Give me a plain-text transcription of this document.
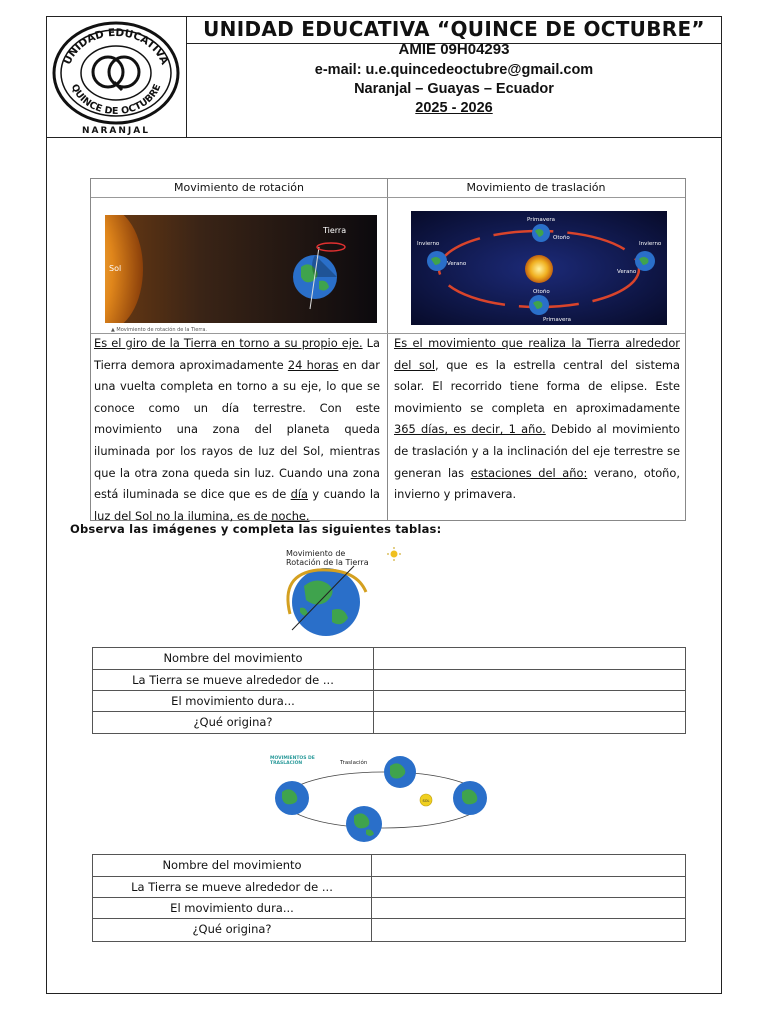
UNIDAD EDUCATIVA
QUINCE DE OCTUBRE
NARANJAL
UNIDAD EDUCATIVA “QUINCE DE OCTUBRE”
AMIE 09H04293
e-mail: u.e.quincedeoctubre@gmail.com
Naranjal – Guayas – Ecuador
2025 - 2026
Movimiento de rotación	Movimiento de traslación
Sol
Tierra
▲ Movimiento de rotación de la Tierra.
Primavera
Otoño
Invierno
Verano
Invierno
Verano
Otoño
Primavera
Es el giro de la Tierra en torno a su propio eje. La Tierra demora aproximadamente 24 horas en dar una vuelta completa en torno a su eje, lo que se conoce como un día terrestre. Con este movimiento una zona del planeta queda iluminada por los rayos de luz del Sol, mientras que la otra zona queda sin luz. Cuando una zona está iluminada se dice que es de día y cuando la luz del Sol no la ilumina, es de noche.
Es el movimiento que realiza la Tierra alrededor del sol, que es la estrella central del sistema solar. El recorrido tiene forma de elipse. Este movimiento se completa en aproximadamente 365 días, es decir, 1 año. Debido al movimiento de traslación y a la inclinación del eje terrestre se generan las estaciones del año: verano, otoño, invierno y primavera.
Observa las imágenes y completa las siguientes tablas:
Movimiento de
Rotación de la Tierra
Nombre del movimiento
La Tierra se mueve alrededor de ...
El movimiento dura...
¿Qué origina?
MOVIMIENTOS DE
TRASLACIÓN	Traslación
SOL
Nombre del movimiento
La Tierra se mueve alrededor de ...
El movimiento dura...
¿Qué origina?
